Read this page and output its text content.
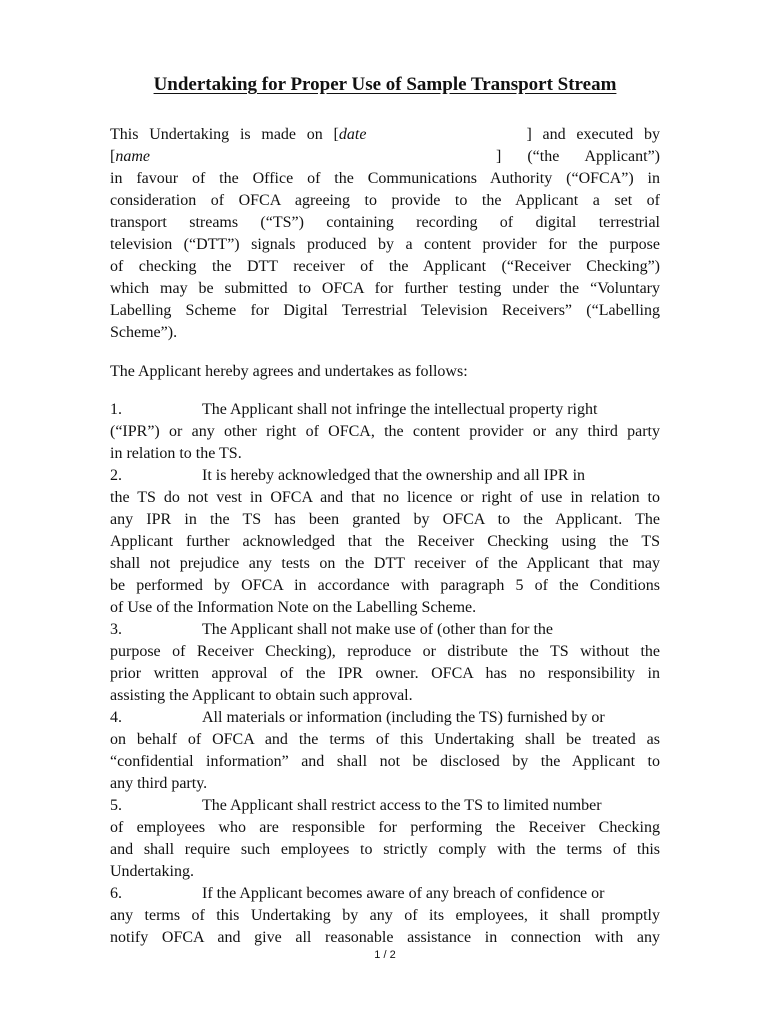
Undertaking for Proper Use of Sample Transport Stream
This Undertaking is made on [date	] and executed by
[name	] (“the Applicant”)
in favour of the Office of the Communications Authority (“OFCA”) in
consideration of OFCA agreeing to provide to the Applicant a set of
transport streams (“TS”) containing recording of digital terrestrial
television (“DTT”) signals produced by a content provider for the purpose
of checking the DTT receiver of the Applicant (“Receiver Checking”)
which may be submitted to OFCA for further testing under the “Voluntary
Labelling Scheme for Digital Terrestrial Television Receivers” (“Labelling
Scheme”).
The Applicant hereby agrees and undertakes as follows:
1.	The Applicant shall not infringe the intellectual property right
(“IPR”) or any other right of OFCA, the content provider or any third party
in relation to the TS.
2.	It is hereby acknowledged that the ownership and all IPR in
the TS do not vest in OFCA and that no licence or right of use in relation to
any IPR in the TS has been granted by OFCA to the Applicant. The
Applicant further acknowledged that the Receiver Checking using the TS
shall not prejudice any tests on the DTT receiver of the Applicant that may
be performed by OFCA in accordance with paragraph 5 of the Conditions
of Use of the Information Note on the Labelling Scheme.
3.	The Applicant shall not make use of (other than for the
purpose of Receiver Checking), reproduce or distribute the TS without the
prior written approval of the IPR owner. OFCA has no responsibility in
assisting the Applicant to obtain such approval.
4.	All materials or information (including the TS) furnished by or
on behalf of OFCA and the terms of this Undertaking shall be treated as
“confidential information” and shall not be disclosed by the Applicant to
any third party.
5.	The Applicant shall restrict access to the TS to limited number
of employees who are responsible for performing the Receiver Checking
and shall require such employees to strictly comply with the terms of this
Undertaking.
6.	If the Applicant becomes aware of any breach of confidence or
any terms of this Undertaking by any of its employees, it shall promptly
notify OFCA and give all reasonable assistance in connection with any
1 / 2
